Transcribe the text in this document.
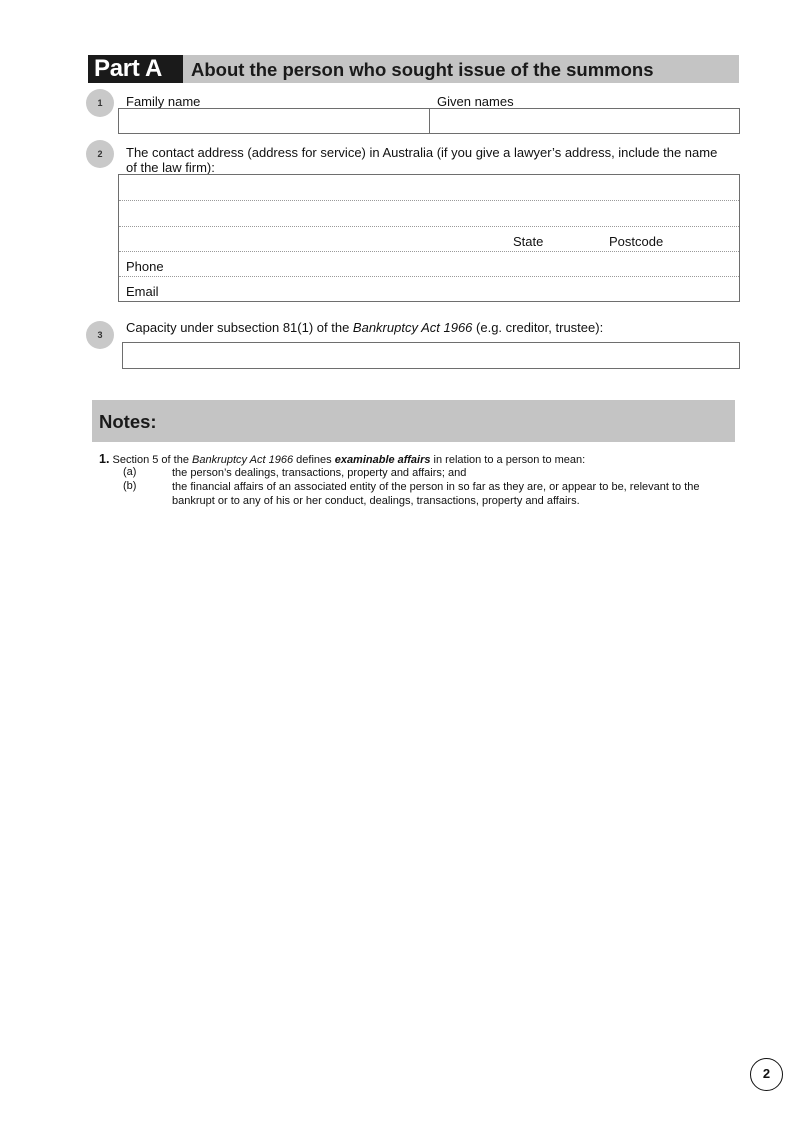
Part A	About the person who sought issue of the summons
1	Family name	Given names
2	The contact address (address for service) in Australia (if you give a lawyer’s address, include the name of the law firm):
State	Postcode
Phone
Email
3	Capacity under subsection 81(1) of the Bankruptcy Act 1966 (e.g. creditor, trustee):
Notes:
1. Section 5 of the Bankruptcy Act 1966 defines examinable affairs in relation to a person to mean:
(a)	the person’s dealings, transactions, property and affairs; and
(b)	the financial affairs of an associated entity of the person in so far as they are, or appear to be, relevant to the bankrupt or to any of his or her conduct, dealings, transactions, property and affairs.
2
